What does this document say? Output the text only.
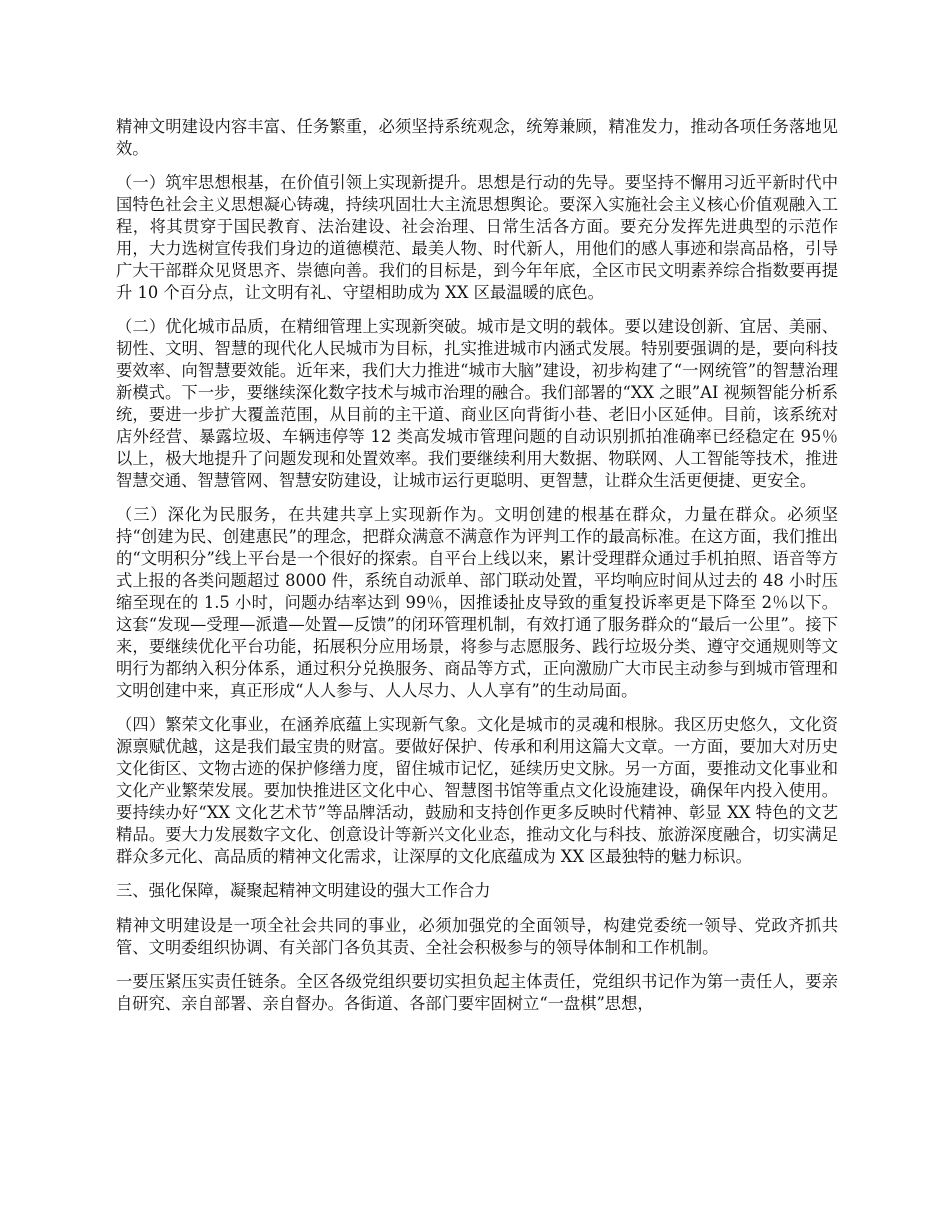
精神文明建设内容丰富、任务繁重，必须坚持系统观念，统筹兼顾，精准发力，推动各项任务落地见效。

（一）筑牢思想根基，在价值引领上实现新提升。思想是行动的先导。要坚持不懈用习近平新时代中国特色社会主义思想凝心铸魂，持续巩固壮大主流思想舆论。要深入实施社会主义核心价值观融入工程，将其贯穿于国民教育、法治建设、社会治理、日常生活各方面。要充分发挥先进典型的示范作用，大力选树宣传我们身边的道德模范、最美人物、时代新人，用他们的感人事迹和崇高品格，引导广大干部群众见贤思齐、崇德向善。我们的目标是，到今年年底，全区市民文明素养综合指数要再提升 10 个百分点，让文明有礼、守望相助成为 XX 区最温暖的底色。

（二）优化城市品质，在精细管理上实现新突破。城市是文明的载体。要以建设创新、宜居、美丽、韧性、文明、智慧的现代化人民城市为目标，扎实推进城市内涵式发展。特别要强调的是，要向科技要效率、向智慧要效能。近年来，我们大力推进“城市大脑”建设，初步构建了“一网统管”的智慧治理新模式。下一步，要继续深化数字技术与城市治理的融合。我们部署的“XX 之眼”AI 视频智能分析系统，要进一步扩大覆盖范围，从目前的主干道、商业区向背街小巷、老旧小区延伸。目前，该系统对店外经营、暴露垃圾、车辆违停等 12 类高发城市管理问题的自动识别抓拍准确率已经稳定在 95％以上，极大地提升了问题发现和处置效率。我们要继续利用大数据、物联网、人工智能等技术，推进智慧交通、智慧管网、智慧安防建设，让城市运行更聪明、更智慧，让群众生活更便捷、更安全。

（三）深化为民服务，在共建共享上实现新作为。文明创建的根基在群众，力量在群众。必须坚持“创建为民、创建惠民”的理念，把群众满意不满意作为评判工作的最高标准。在这方面，我们推出的“文明积分”线上平台是一个很好的探索。自平台上线以来，累计受理群众通过手机拍照、语音等方式上报的各类问题超过 8000 件，系统自动派单、部门联动处置，平均响应时间从过去的 48 小时压缩至现在的 1.5 小时，问题办结率达到 99％，因推诿扯皮导致的重复投诉率更是下降至 2％以下。这套“发现—受理—派遣—处置—反馈”的闭环管理机制，有效打通了服务群众的“最后一公里”。接下来，要继续优化平台功能，拓展积分应用场景，将参与志愿服务、践行垃圾分类、遵守交通规则等文明行为都纳入积分体系，通过积分兑换服务、商品等方式，正向激励广大市民主动参与到城市管理和文明创建中来，真正形成“人人参与、人人尽力、人人享有”的生动局面。

（四）繁荣文化事业，在涵养底蕴上实现新气象。文化是城市的灵魂和根脉。我区历史悠久，文化资源禀赋优越，这是我们最宝贵的财富。要做好保护、传承和利用这篇大文章。一方面，要加大对历史文化街区、文物古迹的保护修缮力度，留住城市记忆，延续历史文脉。另一方面，要推动文化事业和文化产业繁荣发展。要加快推进区文化中心、智慧图书馆等重点文化设施建设，确保年内投入使用。要持续办好“XX 文化艺术节”等品牌活动，鼓励和支持创作更多反映时代精神、彰显 XX 特色的文艺精品。要大力发展数字文化、创意设计等新兴文化业态，推动文化与科技、旅游深度融合，切实满足群众多元化、高品质的精神文化需求，让深厚的文化底蕴成为 XX 区最独特的魅力标识。

三、强化保障，凝聚起精神文明建设的强大工作合力

精神文明建设是一项全社会共同的事业，必须加强党的全面领导，构建党委统一领导、党政齐抓共管、文明委组织协调、有关部门各负其责、全社会积极参与的领导体制和工作机制。

一要压紧压实责任链条。全区各级党组织要切实担负起主体责任，党组织书记作为第一责任人，要亲自研究、亲自部署、亲自督办。各街道、各部门要牢固树立“一盘棋”思想，
